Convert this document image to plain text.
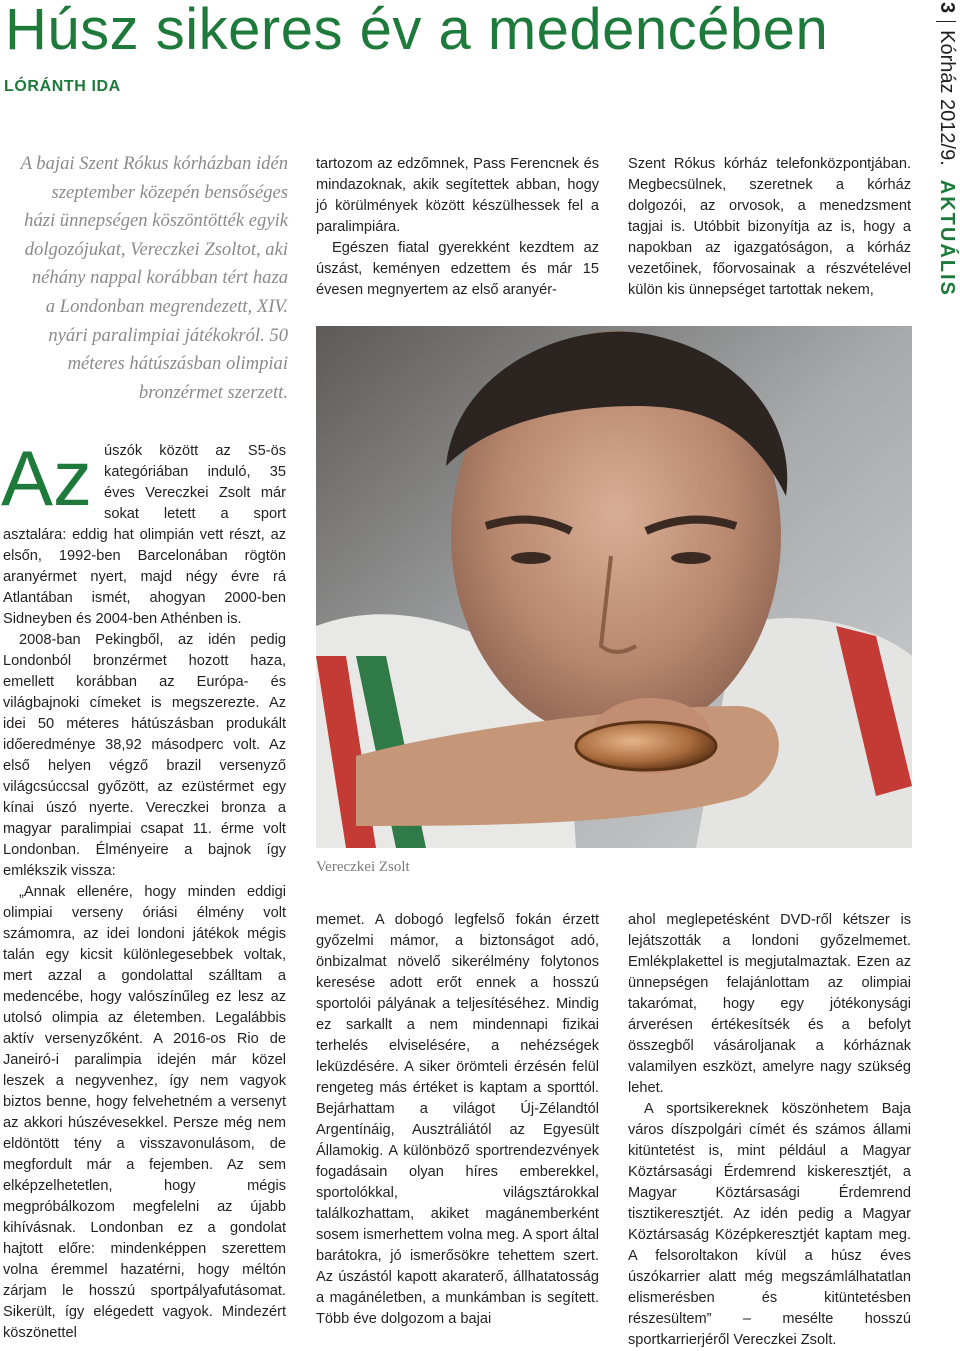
Húsz sikeres év a medencében
LÓRÁNTH IDA

A bajai Szent Rókus kórházban idén szeptember közepén bensőséges házi ünnepségen köszöntötték egyik dolgozójukat, Vereczkei Zsoltot, aki néhány nappal korábban tért haza a Londonban megrendezett, XIV. nyári paralimpiai játékokról. 50 méteres hátúszásban olimpiai bronzérmet szerzett.

Az úszók között az S5-ös kategóriában induló, 35 éves Vereczkei Zsolt már sokat letett a sport asztalára: eddig hat olimpián vett részt, az elsőn, 1992-ben Barcelonában rögtön aranyérmet nyert, majd négy évre rá Atlantában ismét, ahogyan 2000-ben Sidneyben és 2004-ben Athénben is.

2008-ban Pekingből, az idén pedig Londonból bronzérmet hozott haza, emellett korábban az Európa- és világbajnoki címeket is megszerezte. Az idei 50 méteres hátúszásban produkált időeredménye 38,92 másodperc volt. Az első helyen végző brazil versenyző világcsúccsal győzött, az ezüstérmet egy kínai úszó nyerte. Vereczkei bronza a magyar paralimpiai csapat 11. érme volt Londonban. Élményeire a bajnok így emlékszik vissza:

„Annak ellenére, hogy minden eddigi olimpiai verseny óriási élmény volt számomra, az idei londoni játékok mégis talán egy kicsit különlegesebbek voltak, mert azzal a gondolattal szálltam a medencébe, hogy valószínűleg ez lesz az utolsó olimpia az életemben. Legalábbis aktív versenyzőként. A 2016-os Rio de Janeiró-i paralimpia idején már közel leszek a negyvenhez, így nem vagyok biztos benne, hogy felvehetném a versenyt az akkori húszévesekkel. Persze még nem eldöntött tény a visszavonulásom, de megfordult már a fejemben. Az sem elképzelhetetlen, hogy mégis megpróbálkozom megfelelni az újabb kihívásnak. Londonban ez a gondolat hajtott előre: mindenképpen szerettem volna éremmel hazatérni, hogy méltón zárjam le hosszú sportpályafutásomat. Sikerült, így elégedett vagyok. Mindezért köszönettel

tartozom az edzőmnek, Pass Ferencnek és mindazoknak, akik segítettek abban, hogy jó körülmények között készülhessek fel a paralimpiára.

Egészen fiatal gyerekként kezdtem az úszást, keményen edzettem és már 15 évesen megnyertem az első aranyér-

Szent Rókus kórház telefonközpontjában. Megbecsülnek, szeretnek a kórház dolgozói, az orvosok, a menedzsment tagjai is. Utóbbit bizonyítja az is, hogy a napokban az igazgatóságon, a kórház vezetőinek, főorvosainak a részvételével külön kis ünnepséget tartottak nekem,

Vereczkei Zsolt

memet. A dobogó legfelső fokán érzett győzelmi mámor, a biztonságot adó, önbizalmat növelő sikerélmény folytonos keresése adott erőt ennek a hosszú sportolói pályának a teljesítéséhez. Mindig ez sarkallt a nem mindennapi fizikai terhelés elviselésére, a nehézségek leküzdésére. A siker örömteli érzésén felül rengeteg más értéket is kaptam a sporttól. Bejárhattam a világot Új-Zélandtól Argentínáig, Ausztráliától az Egyesült Államokig. A különböző sportrendezvények fogadásain olyan híres emberekkel, sportolókkal, világsztárokkal találkozhattam, akiket magánemberként sosem ismerhettem volna meg. A sport által barátokra, jó ismerősökre tehettem szert. Az úszástól kapott akaraterő, állhatatosság a magánéletben, a munkámban is segített. Több éve dolgozom a bajai

ahol meglepetésként DVD-ről kétszer is lejátszották a londoni győzelmemet. Emlékplakettel is megjutalmaztak. Ezen az ünnepségen felajánlottam az olimpiai takarómat, hogy egy jótékonysági árverésen értékesítsék és a befolyt összegből vásároljanak a kórháznak valamilyen eszközt, amelyre nagy szükség lehet.

A sportsikereknek köszönhetem Baja város díszpolgári címét és számos állami kitüntetést is, mint például a Magyar Köztársasági Érdemrend kiskeresztjét, a Magyar Köztársasági Érdemrend tisztikeresztjét. Az idén pedig a Magyar Köztársaság Középkeresztjét kaptam meg. A felsoroltakon kívül a húsz éves úszókarrier alatt még megszámlálhatatlan elismerésben és kitüntetésben részesültem” – mesélte hosszú sportkarrierjéről Vereczkei Zsolt.

3
Kórház 2012/9.
AKTUÁLIS
